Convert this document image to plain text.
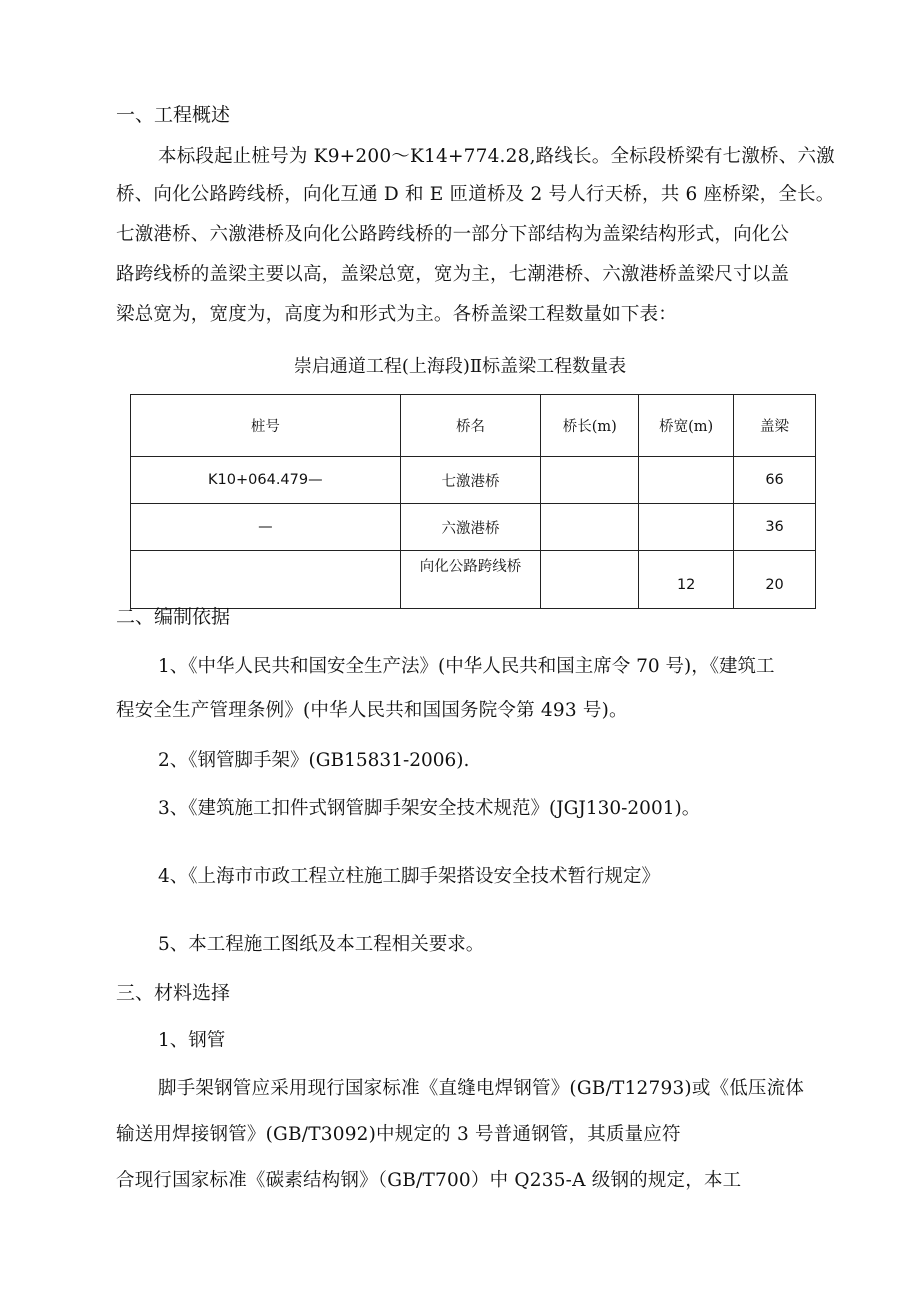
一、工程概述

本标段起止桩号为 K9+200～K14+774.28,路线长。全标段桥梁有七激桥、六激

桥、向化公路跨线桥，向化互通 D 和 E 匝道桥及 2 号人行天桥，共 6 座桥梁，全长。

七激港桥、六激港桥及向化公路跨线桥的一部分下部结构为盖梁结构形式，向化公

路跨线桥的盖梁主要以高，盖梁总宽，宽为主，七潮港桥、六激港桥盖梁尺寸以盖

梁总宽为，宽度为，高度为和形式为主。各桥盖梁工程数量如下表：

崇启通道工程(上海段)Ⅱ标盖梁工程数量表

桩号	桥名	桥长(m)	桥宽(m)	盖梁
K10+064.479—	七激港桥			66
—	六激港桥			36
	向化公路跨线桥		12	20

二、编制依据

1、《中华人民共和国安全生产法》(中华人民共和国主席令 70 号)，《建筑工

程安全生产管理条例》(中华人民共和国国务院令第 493 号)。

2、《钢管脚手架》(GB15831-2006).

3、《建筑施工扣件式钢管脚手架安全技术规范》(JGJ130-2001)。

4、《上海市市政工程立柱施工脚手架搭设安全技术暂行规定》

5、本工程施工图纸及本工程相关要求。

三、材料选择

1、钢管

脚手架钢管应采用现行国家标准《直缝电焊钢管》(GB/T12793)或《低压流体

输送用焊接钢管》(GB/T3092)中规定的 3 号普通钢管，其质量应符

合现行国家标准《碳素结构钢》（GB/T700）中 Q235-A 级钢的规定，本工
